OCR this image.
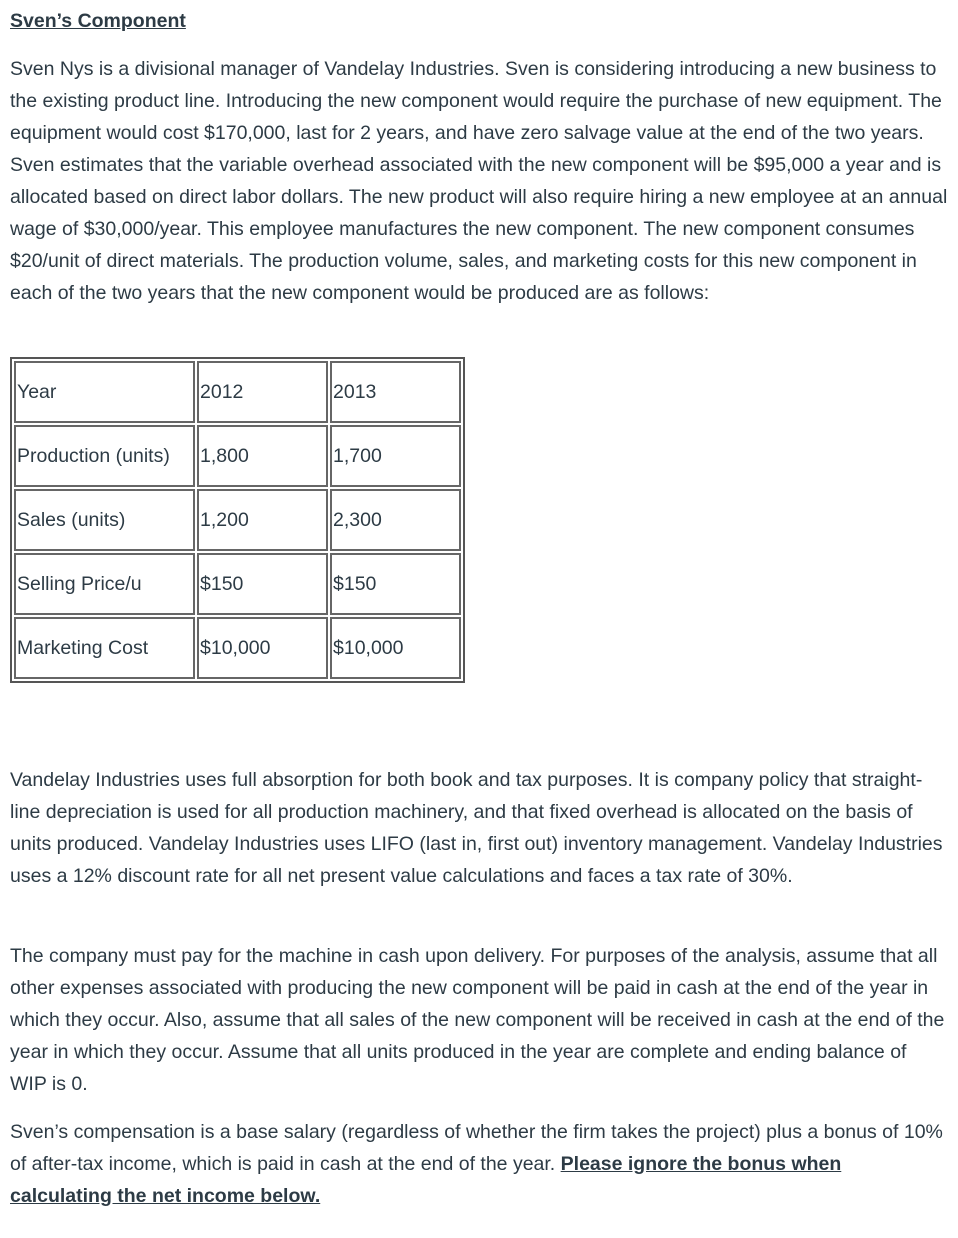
Sven’s Component

Sven Nys is a divisional manager of Vandelay Industries. Sven is considering introducing a new business to the existing product line. Introducing the new component would require the purchase of new equipment. The equipment would cost $170,000, last for 2 years, and have zero salvage value at the end of the two years. Sven estimates that the variable overhead associated with the new component will be $95,000 a year and is allocated based on direct labor dollars. The new product will also require hiring a new employee at an annual wage of $30,000/year. This employee manufactures the new component. The new component consumes $20/unit of direct materials. The production volume, sales, and marketing costs for this new component in each of the two years that the new component would be produced are as follows:

Year	2012	2013
Production (units)	1,800	1,700
Sales (units)	1,200	2,300
Selling Price/u	$150	$150
Marketing Cost	$10,000	$10,000

Vandelay Industries uses full absorption for both book and tax purposes. It is company policy that straight-line depreciation is used for all production machinery, and that fixed overhead is allocated on the basis of units produced. Vandelay Industries uses LIFO (last in, first out) inventory management. Vandelay Industries uses a 12% discount rate for all net present value calculations and faces a tax rate of 30%.

The company must pay for the machine in cash upon delivery. For purposes of the analysis, assume that all other expenses associated with producing the new component will be paid in cash at the end of the year in which they occur. Also, assume that all sales of the new component will be received in cash at the end of the year in which they occur. Assume that all units produced in the year are complete and ending balance of WIP is 0.

Sven’s compensation is a base salary (regardless of whether the firm takes the project) plus a bonus of 10% of after-tax income, which is paid in cash at the end of the year. Please ignore the bonus when calculating the net income below.
